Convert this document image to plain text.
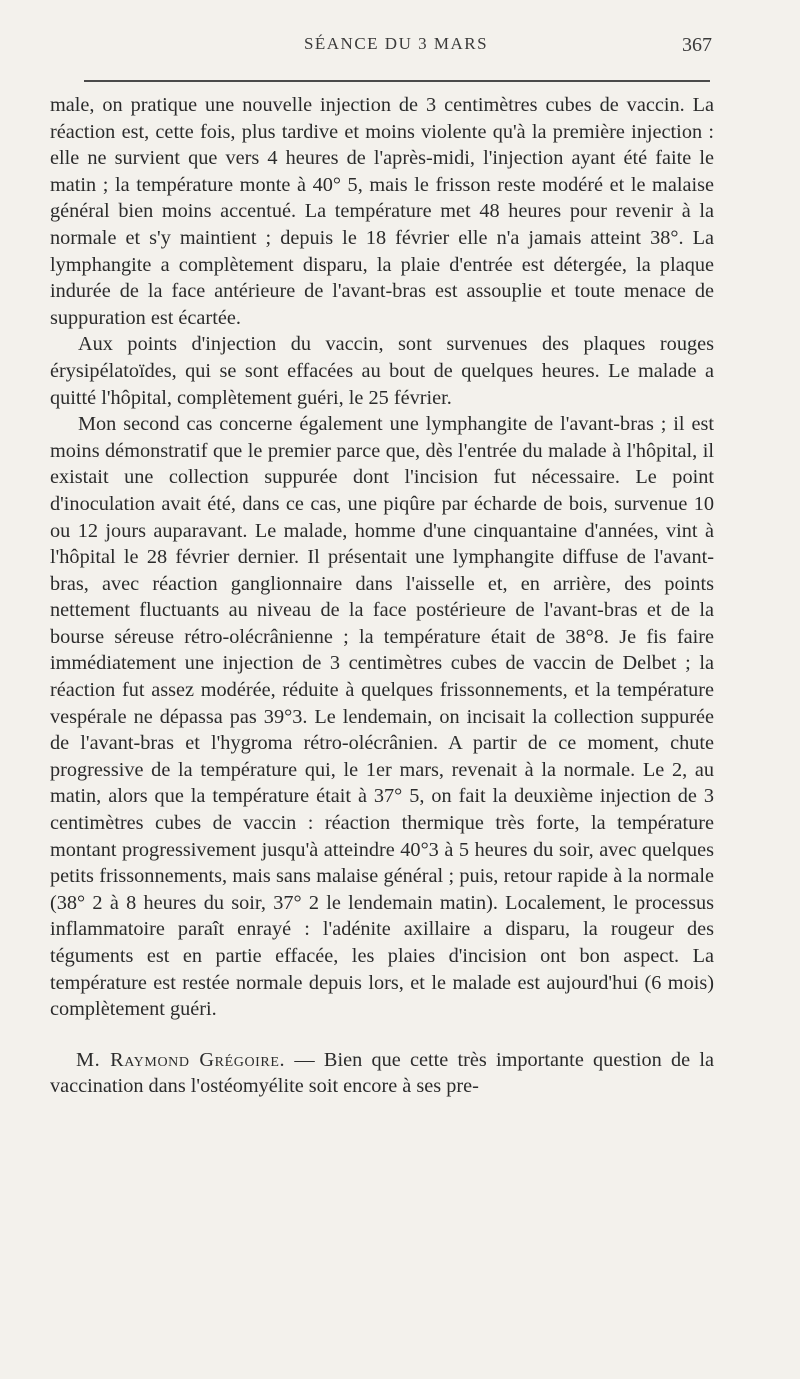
SÉANCE DU 3 MARS	367

male, on pratique une nouvelle injection de 3 centimètres cubes de vaccin. La réaction est, cette fois, plus tardive et moins violente qu'à la première injection : elle ne survient que vers 4 heures de l'après-midi, l'injection ayant été faite le matin ; la température monte à 40° 5, mais le frisson reste modéré et le malaise général bien moins accentué. La température met 48 heures pour revenir à la normale et s'y maintient ; depuis le 18 février elle n'a jamais atteint 38°. La lymphangite a complètement disparu, la plaie d'entrée est détergée, la plaque indurée de la face antérieure de l'avant-bras est assouplie et toute menace de suppuration est écartée.

Aux points d'injection du vaccin, sont survenues des plaques rouges érysipélatoïdes, qui se sont effacées au bout de quelques heures. Le malade a quitté l'hôpital, complètement guéri, le 25 février.

Mon second cas concerne également une lymphangite de l'avant-bras ; il est moins démonstratif que le premier parce que, dès l'entrée du malade à l'hôpital, il existait une collection suppurée dont l'incision fut nécessaire. Le point d'inoculation avait été, dans ce cas, une piqûre par écharde de bois, survenue 10 ou 12 jours auparavant. Le malade, homme d'une cinquantaine d'années, vint à l'hôpital le 28 février dernier. Il présentait une lymphangite diffuse de l'avant-bras, avec réaction ganglionnaire dans l'aisselle et, en arrière, des points nettement fluctuants au niveau de la face postérieure de l'avant-bras et de la bourse séreuse rétro-olécrânienne ; la température était de 38°8. Je fis faire immédiatement une injection de 3 centimètres cubes de vaccin de Delbet ; la réaction fut assez modérée, réduite à quelques frissonnements, et la température vespérale ne dépassa pas 39°3. Le lendemain, on incisait la collection suppurée de l'avant-bras et l'hygroma rétro-olécrânien. A partir de ce moment, chute progressive de la température qui, le 1er mars, revenait à la normale. Le 2, au matin, alors que la température était à 37° 5, on fait la deuxième injection de 3 centimètres cubes de vaccin : réaction thermique très forte, la température montant progressivement jusqu'à atteindre 40°3 à 5 heures du soir, avec quelques petits frissonnements, mais sans malaise général ; puis, retour rapide à la normale (38° 2 à 8 heures du soir, 37° 2 le lendemain matin). Localement, le processus inflammatoire paraît enrayé : l'adénite axillaire a disparu, la rougeur des téguments est en partie effacée, les plaies d'incision ont bon aspect. La température est restée normale depuis lors, et le malade est aujourd'hui (6 mois) complètement guéri.

M. Raymond Grégoire. — Bien que cette très importante question de la vaccination dans l'ostéomyélite soit encore à ses pre-
